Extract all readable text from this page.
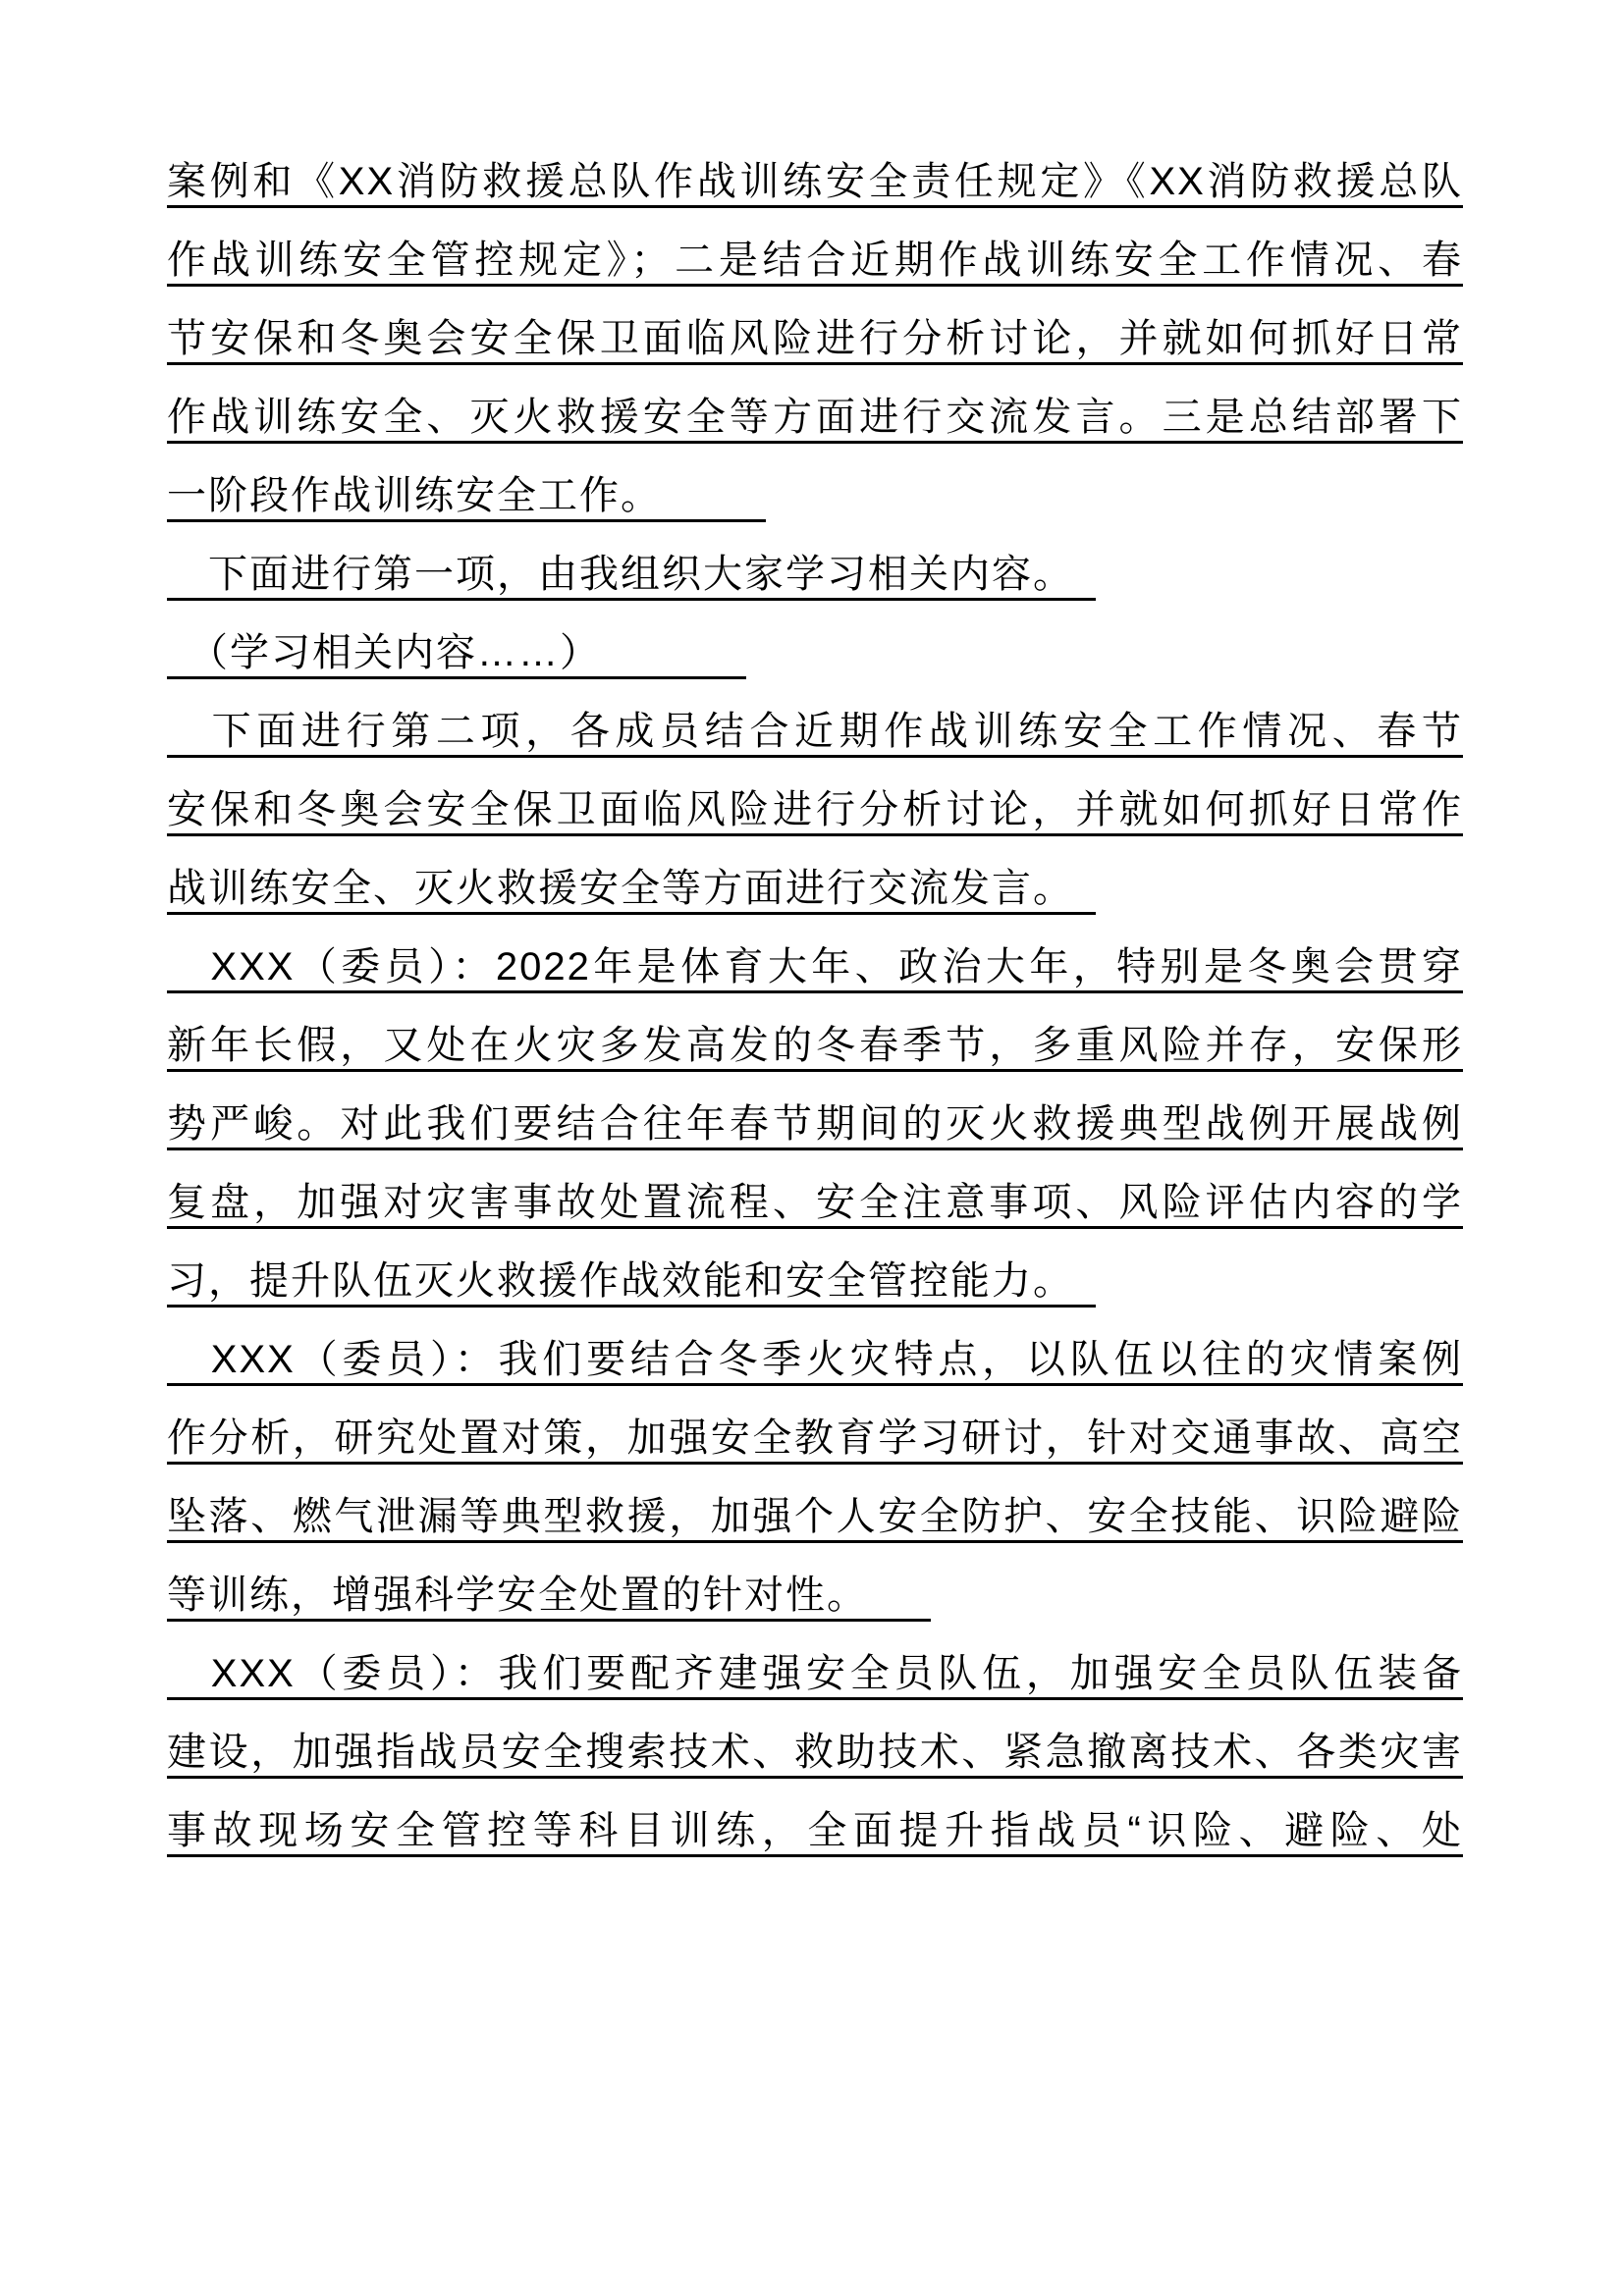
案例和《XX消防救援总队作战训练安全责任规定》《XX消防救援总队
作战训练安全管控规定》；二是结合近期作战训练安全工作情况、春
节安保和冬奥会安全保卫面临风险进行分析讨论，并就如何抓好日常
作战训练安全、灭火救援安全等方面进行交流发言。三是总结部署下
一阶段作战训练安全工作。　　　
　下面进行第一项，由我组织大家学习相关内容。　
　（学习相关内容……）　　　　
　下面进行第二项，各成员结合近期作战训练安全工作情况、春节
安保和冬奥会安全保卫面临风险进行分析讨论，并就如何抓好日常作
战训练安全、灭火救援安全等方面进行交流发言。　
　XXX（委员）：2022年是体育大年、政治大年，特别是冬奥会贯穿
新年长假，又处在火灾多发高发的冬春季节，多重风险并存，安保形
势严峻。对此我们要结合往年春节期间的灭火救援典型战例开展战例
复盘，加强对灾害事故处置流程、安全注意事项、风险评估内容的学
习，提升队伍灭火救援作战效能和安全管控能力。　
　XXX（委员）：我们要结合冬季火灾特点，以队伍以往的灾情案例
作分析，研究处置对策，加强安全教育学习研讨，针对交通事故、高空
坠落、燃气泄漏等典型救援，加强个人安全防护、安全技能、识险避险
等训练，增强科学安全处置的针对性。　　
　XXX（委员）：我们要配齐建强安全员队伍，加强安全员队伍装备
建设，加强指战员安全搜索技术、救助技术、紧急撤离技术、各类灾害
事故现场安全管控等科目训练，全面提升指战员“识险、避险、处
